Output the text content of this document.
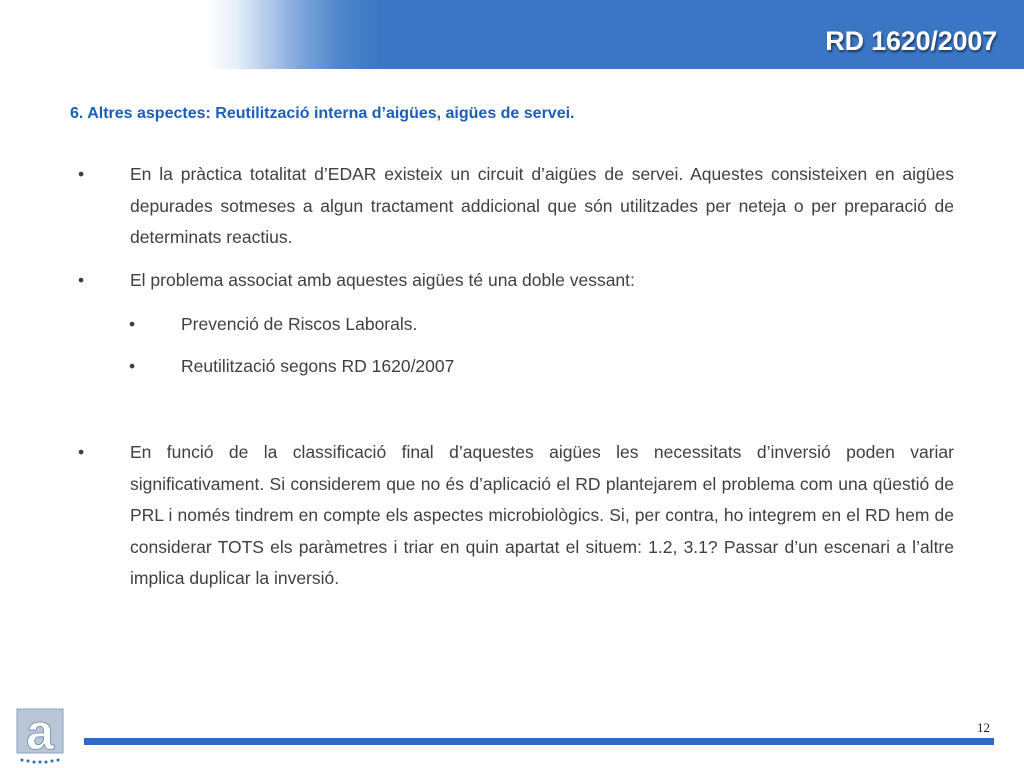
RD 1620/2007
6. Altres aspectes: Reutilització interna d’aigües, aigües de servei.
•	En la pràctica totalitat d’EDAR existeix un circuit d’aigües de servei. Aquestes consisteixen en aigües depurades sotmeses a algun tractament addicional que són utilitzades per neteja o per preparació de determinats reactius.
•	El problema associat amb aquestes aigües té una doble vessant:
•	Prevenció de Riscos Laborals.
•	Reutilització segons RD 1620/2007
•	En funció de la classificació final d’aquestes aigües les necessitats d’inversió poden variar significativament. Si considerem que no és d’aplicació el RD plantejarem el problema com una qüestió de PRL i només tindrem en compte els aspectes microbiològics. Si, per contra, ho integrem en el RD hem de considerar TOTS els paràmetres i triar en quin apartat el situem: 1.2, 3.1? Passar d’un escenari a l’altre implica duplicar la inversió.
a	12
